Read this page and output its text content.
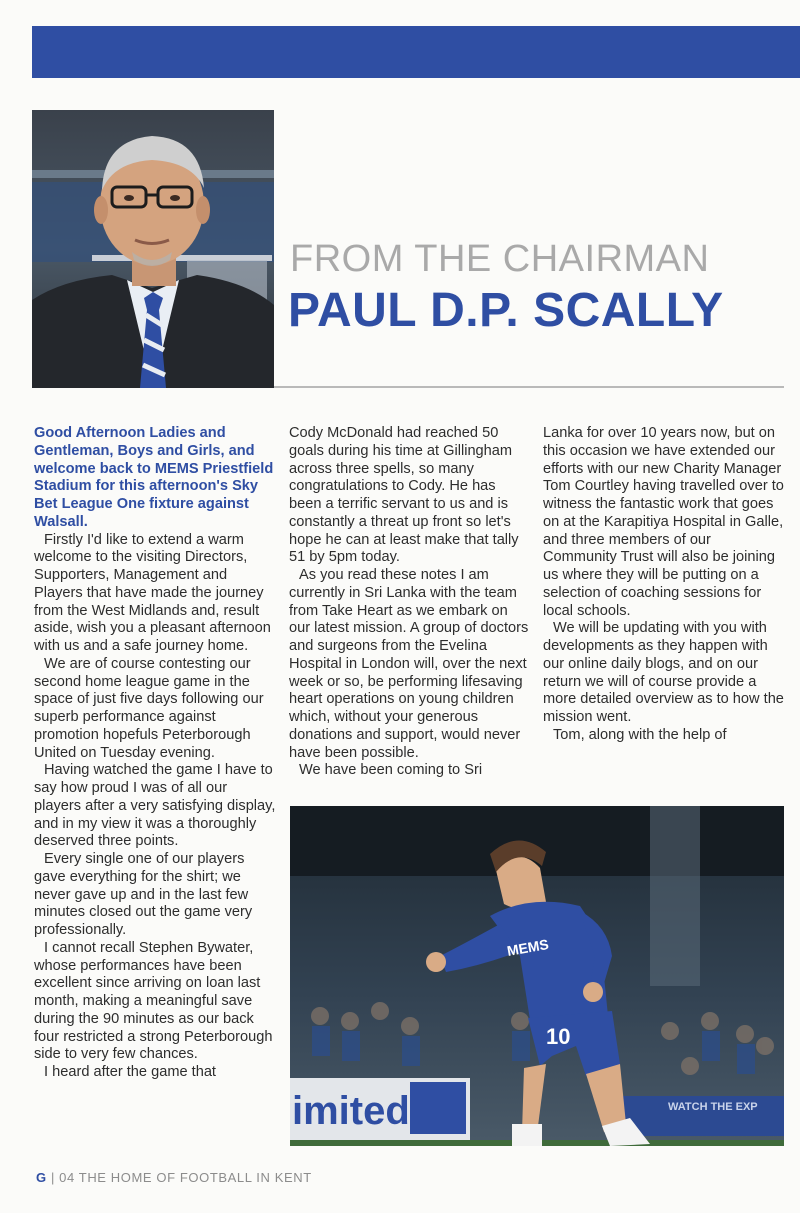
FROM THE CHAIRMAN
PAUL D.P. SCALLY

Good Afternoon Ladies and Gentleman, Boys and Girls, and welcome back to MEMS Priestfield Stadium for this afternoon's Sky Bet League One fixture against Walsall.

Firstly I'd like to extend a warm welcome to the visiting Directors, Supporters, Management and Players that have made the journey from the West Midlands and, result aside, wish you a pleasant afternoon with us and a safe journey home.

We are of course contesting our second home league game in the space of just five days following our superb performance against promotion hopefuls Peterborough United on Tuesday evening.

Having watched the game I have to say how proud I was of all our players after a very satisfying display, and in my view it was a thoroughly deserved three points.

Every single one of our players gave everything for the shirt; we never gave up and in the last few minutes closed out the game very professionally.

I cannot recall Stephen Bywater, whose performances have been excellent since arriving on loan last month, making a meaningful save during the 90 minutes as our back four restricted a strong Peterborough side to very few chances.

I heard after the game that

Cody McDonald had reached 50 goals during his time at Gillingham across three spells, so many congratulations to Cody. He has been a terrific servant to us and is constantly a threat up front so let's hope he can at least make that tally 51 by 5pm today.

As you read these notes I am currently in Sri Lanka with the team from Take Heart as we embark on our latest mission. A group of doctors and surgeons from the Evelina Hospital in London will, over the next week or so, be performing lifesaving heart operations on young children which, without your generous donations and support, would never have been possible.

We have been coming to Sri

Lanka for over 10 years now, but on this occasion we have extended our efforts with our new Charity Manager Tom Courtley having travelled over to witness the fantastic work that goes on at the Karapitiya Hospital in Galle, and three members of our Community Trust will also be joining us where they will be putting on a selection of coaching sessions for local schools.

We will be updating with you with developments as they happen with our online daily blogs, and on our return we will of course provide a more detailed overview as to how the mission went.

Tom, along with the help of

imited	WATCH THE EXP
MEMS
10
G | 04 THE HOME OF FOOTBALL IN KENT
